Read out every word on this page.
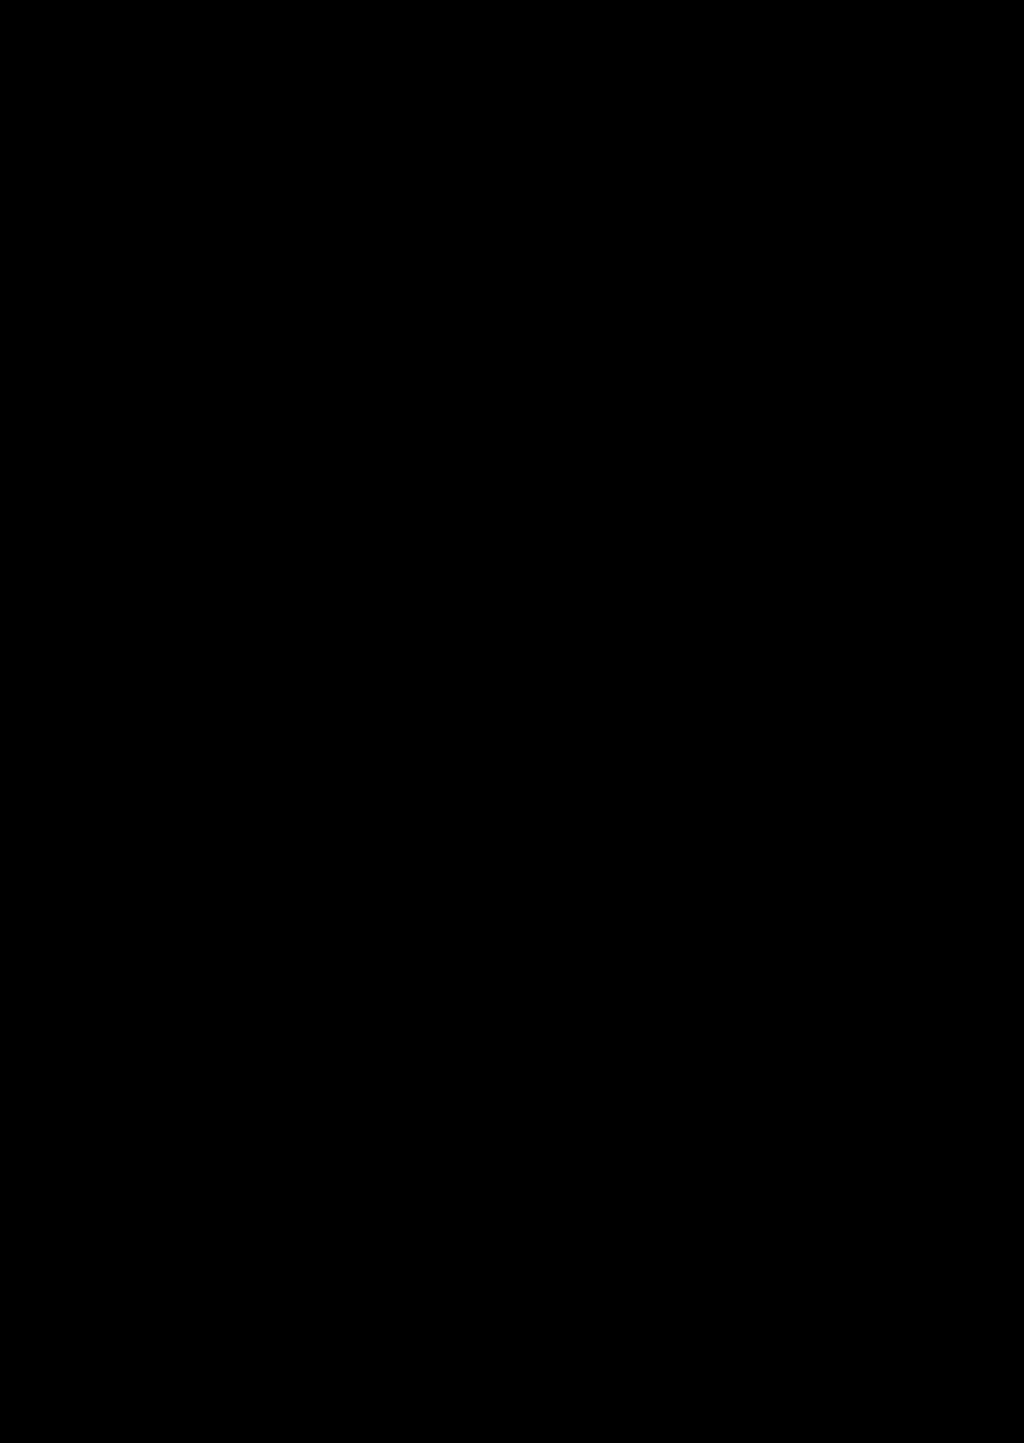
5.3.3 Αριθμοδείκτης Καθαρού Κέρδους (Net Profit Margin)$^{29}$

Ο αριθμοδείκτης καθαρού περιθωρίου δείχνει το ποσοστό του καθαρού κέρδους που επιτυγχάνει μια επιχείρηση από τις πωλήσεις της, δηλαδή δείχνει το κέρδος από τις λειτουργικές της δραστηριότητες. Με άλλα λόγια ο αριθμοδείκτης αυτός δείχνει το καθαρό κέρδος, που έχει μια επιχείρηση από την πώληση των προϊόντων αξίας 100€.

Ο αριθμοδείκτης καθαρού περιθωρίου βρίσκεται αν διαιρέσουμε τα καθαρά λειτουργικά κέρδη μιας περιόδου με το σύνολο των καθαρών πωλήσεων της ίδιας περιόδου. Όσο μεγαλύτερος είναι ο αριθμοδείκτης καθαρού κέρδους, τόσο πιο επικερδής είναι η επιχείρηση.

Ο αριθμοδείκτης καθαρού κέρδους είναι πολύ χρήσιμος, δεδομένου ότι τόσο η διοίκηση όσο και πολύ αναλυτές βασίζουν τις προβλέψεις τους για τα μελλοντικά καθαρά κέρδη της επιχείρησης επί του προβλεπόμενου ύψους πωλήσεων και του ποσοστού καθαρού κέρδους.

5.3.4 Αριθμοδείκτης Αποδοτικότητας Απασχολούμενων Κεφαλαίων (Return to Total Capital Employment)$^{30}$

Ο αριθμοδείκτης αυτός δείχνει την αποδοτικότητα της επιχείρησης ανεξάρτητα από τις πηγές προέλευσης των κεφαλαίων της. Δείχνει την ικανότητα της επιχείρησης για πραγματοποίηση κερδών και το βαθμό επιτυχίας της διοίκησης της στη

$^{29}$ Νιάρχος, 2004

$^{30}$ Κιόχος κα, 2004, Νιάρχος, 2004

60
